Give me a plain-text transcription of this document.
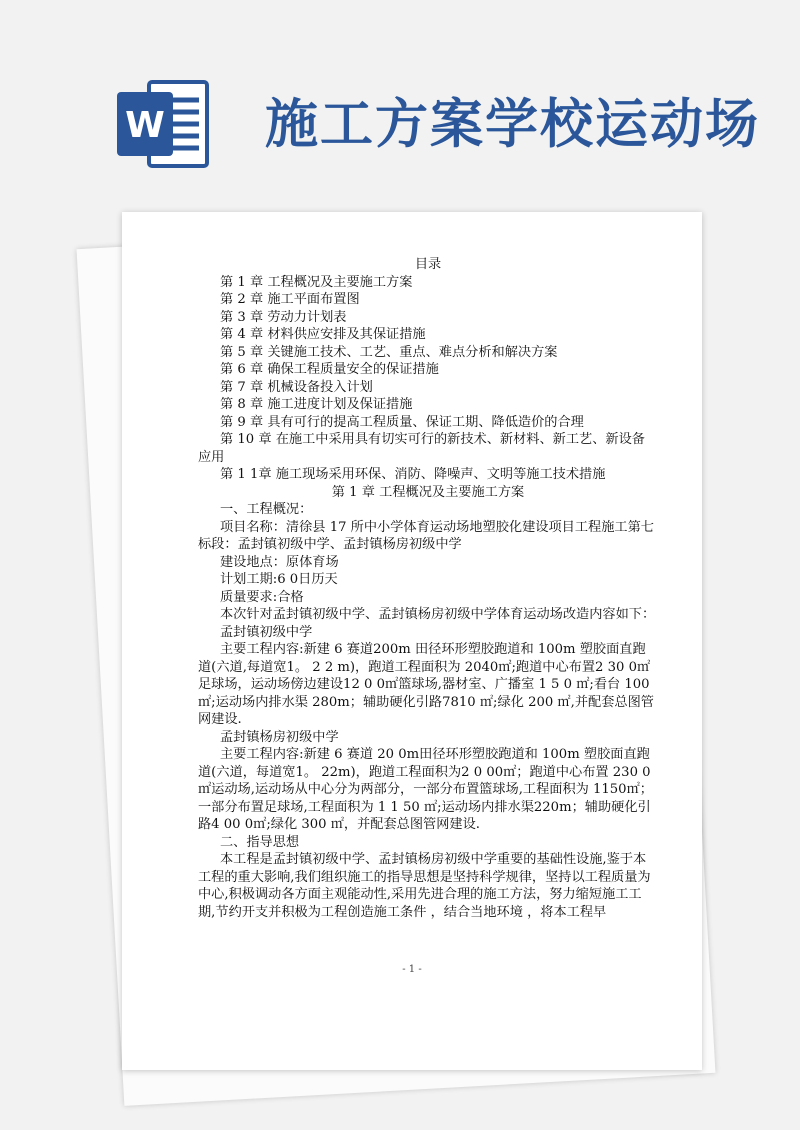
W 施工方案学校运动场

目录

第 1 章 工程概况及主要施工方案

第 2 章 施工平面布置图

第 3 章 劳动力计划表

第 4 章 材料供应安排及其保证措施

第 5 章 关键施工技术、工艺、重点、难点分析和解决方案

第 6 章 确保工程质量安全的保证措施

第 7 章 机械设备投入计划

第 8 章 施工进度计划及保证措施

第 9 章 具有可行的提高工程质量、保证工期、降低造价的合理

第 10 章 在施工中采用具有切实可行的新技术、新材料、新工艺、新设备应用

第 1 1章 施工现场采用环保、消防、降噪声、文明等施工技术措施

第 1 章 工程概况及主要施工方案

一、工程概况：

项目名称：清徐县 17 所中小学体育运动场地塑胶化建设项目工程施工第七标段：孟封镇初级中学、孟封镇杨房初级中学

建设地点：原体育场

计划工期:6 0日历天

质量要求:合格

本次针对孟封镇初级中学、孟封镇杨房初级中学体育运动场改造内容如下：

孟封镇初级中学

主要工程内容:新建 6 赛道200m 田径环形塑胶跑道和 100m 塑胶面直跑道(六道,每道宽1。 2 2 m)，跑道工程面积为 2040㎡;跑道中心布置2 30 0㎡足球场，运动场傍边建设12 0 0㎡篮球场,器材室、广播室 1 5 0 ㎡;看台 100㎡;运动场内排水渠 280m；辅助硬化引路7810 ㎡;绿化 200 ㎡,并配套总图管网建设.

孟封镇杨房初级中学

主要工程内容:新建 6 赛道 20 0m田径环形塑胶跑道和 100m 塑胶面直跑道(六道，每道宽1。 22m)，跑道工程面积为2 0 00㎡；跑道中心布置 230 0㎡运动场,运动场从中心分为两部分，一部分布置篮球场,工程面积为 1150㎡；一部分布置足球场,工程面积为 1 1 50 ㎡;运动场内排水渠220m；辅助硬化引路4 00 0㎡;绿化 300 ㎡，并配套总图管网建设.

二、指导思想

本工程是孟封镇初级中学、孟封镇杨房初级中学重要的基础性设施,鉴于本工程的重大影响,我们组织施工的指导思想是坚持科学规律，坚持以工程质量为中心,积极调动各方面主观能动性,采用先进合理的施工方法，努力缩短施工工期,节约开支并积极为工程创造施工条件 ，结合当地环境 ，将本工程早

- 1 -
